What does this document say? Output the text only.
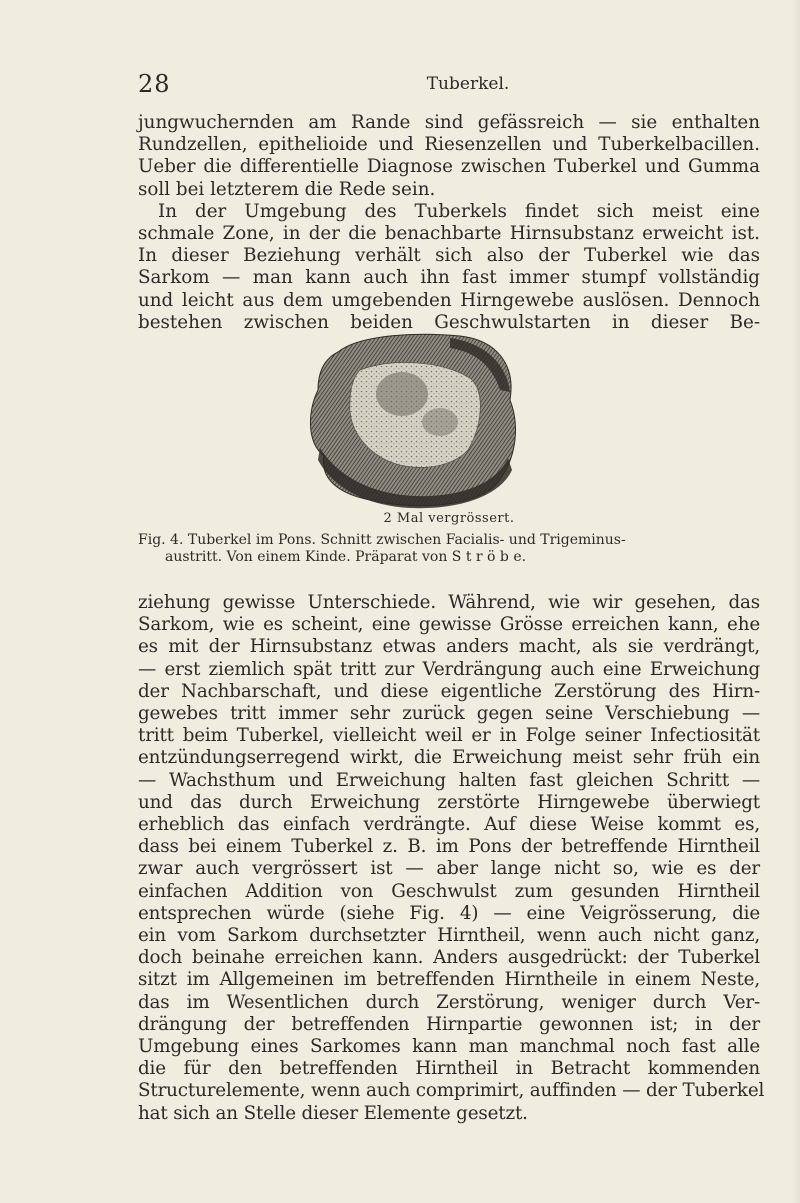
28	Tuberkel.
jungwuchernden am Rande sind gefässreich — sie enthalten
Rundzellen, epithelioide und Riesenzellen und Tuberkelbacillen.
Ueber die differentielle Diagnose zwischen Tuberkel und Gumma
soll bei letzterem die Rede sein.
In der Umgebung des Tuberkels findet sich meist eine
schmale Zone, in der die benachbarte Hirnsubstanz erweicht ist.
In dieser Beziehung verhält sich also der Tuberkel wie das
Sarkom — man kann auch ihn fast immer stumpf vollständig
und leicht aus dem umgebenden Hirngewebe auslösen. Dennoch
bestehen zwischen beiden Geschwulstarten in dieser Be-
2 Mal vergrössert.
Fig. 4. Tuberkel im Pons. Schnitt zwischen Facialis- und Trigeminus-
austritt. Von einem Kinde. Präparat von S t r ö b e.
ziehung gewisse Unterschiede. Während, wie wir gesehen, das
Sarkom, wie es scheint, eine gewisse Grösse erreichen kann, ehe
es mit der Hirnsubstanz etwas anders macht, als sie verdrängt,
— erst ziemlich spät tritt zur Verdrängung auch eine Erweichung
der Nachbarschaft, und diese eigentliche Zerstörung des Hirn-
gewebes tritt immer sehr zurück gegen seine Verschiebung —
tritt beim Tuberkel, vielleicht weil er in Folge seiner Infectiosität
entzündungserregend wirkt, die Erweichung meist sehr früh ein
— Wachsthum und Erweichung halten fast gleichen Schritt —
und das durch Erweichung zerstörte Hirngewebe überwiegt
erheblich das einfach verdrängte. Auf diese Weise kommt es,
dass bei einem Tuberkel z. B. im Pons der betreffende Hirntheil
zwar auch vergrössert ist — aber lange nicht so, wie es der
einfachen Addition von Geschwulst zum gesunden Hirntheil
entsprechen würde (siehe Fig. 4) — eine Veigrösserung, die
ein vom Sarkom durchsetzter Hirntheil, wenn auch nicht ganz,
doch beinahe erreichen kann. Anders ausgedrückt: der Tuberkel
sitzt im Allgemeinen im betreffenden Hirntheile in einem Neste,
das im Wesentlichen durch Zerstörung, weniger durch Ver-
drängung der betreffenden Hirnpartie gewonnen ist; in der
Umgebung eines Sarkomes kann man manchmal noch fast alle
die für den betreffenden Hirntheil in Betracht kommenden
Structurelemente, wenn auch comprimirt, auffinden — der Tuberkel
hat sich an Stelle dieser Elemente gesetzt.
